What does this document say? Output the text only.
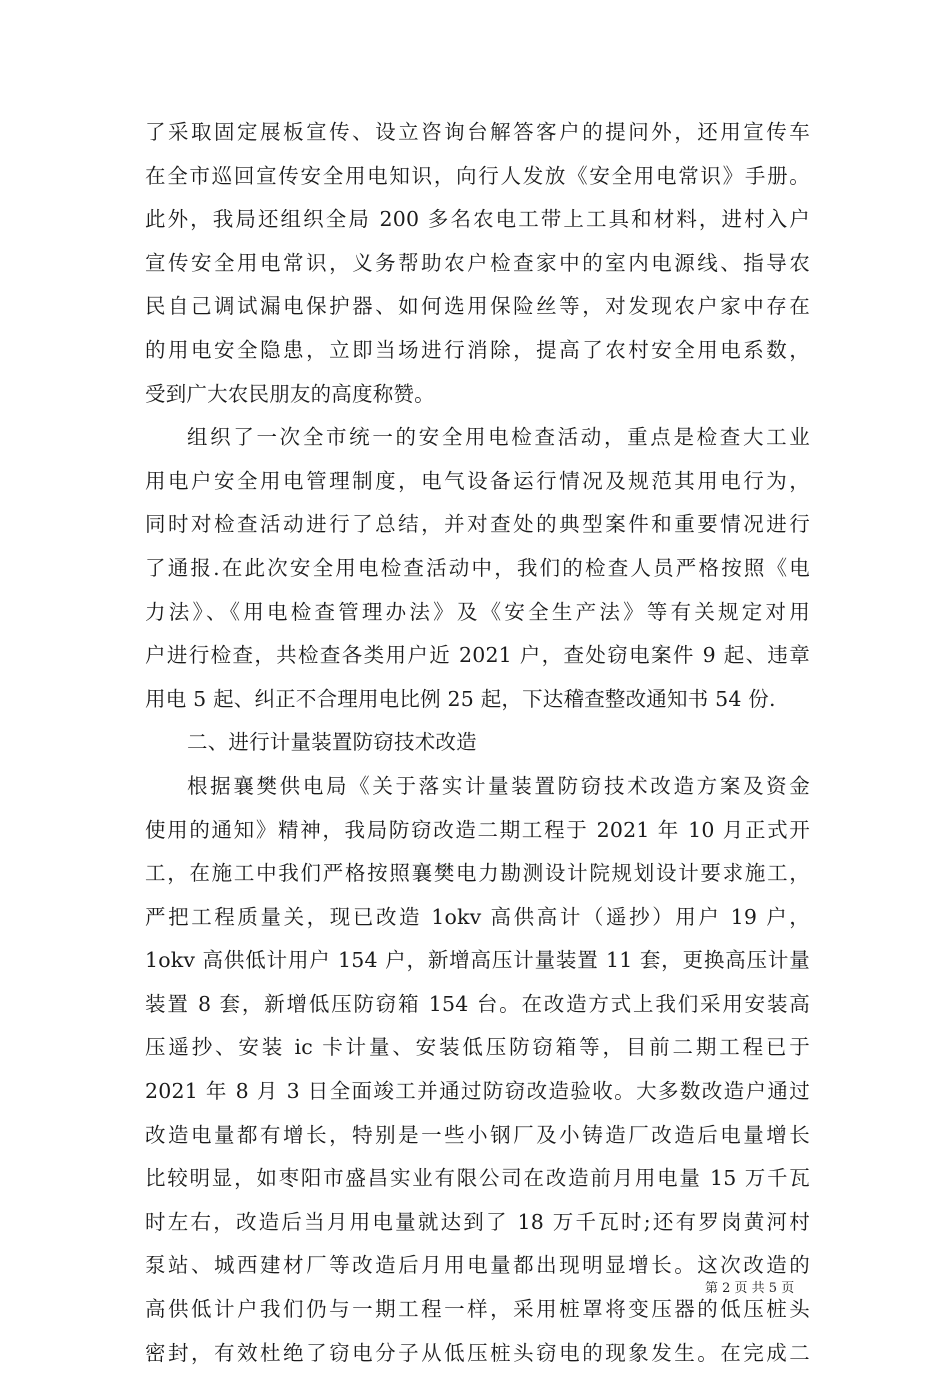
了采取固定展板宣传、设立咨询台解答客户的提问外，还用宣传车
在全市巡回宣传安全用电知识，向行人发放《安全用电常识》手册。
此外，我局还组织全局 200 多名农电工带上工具和材料，进村入户
宣传安全用电常识，义务帮助农户检查家中的室内电源线、指导农
民自己调试漏电保护器、如何选用保险丝等，对发现农户家中存在
的用电安全隐患，立即当场进行消除，提高了农村安全用电系数，
受到广大农民朋友的高度称赞。
组织了一次全市统一的安全用电检查活动，重点是检查大工业
用电户安全用电管理制度，电气设备运行情况及规范其用电行为，
同时对检查活动进行了总结，并对查处的典型案件和重要情况进行
了通报.在此次安全用电检查活动中，我们的检查人员严格按照《电
力法》、《用电检查管理办法》及《安全生产法》等有关规定对用
户进行检查，共检查各类用户近 2021 户，查处窃电案件 9 起、违章
用电 5 起、纠正不合理用电比例 25 起，下达稽查整改通知书 54 份.
二、进行计量装置防窃技术改造
根据襄樊供电局《关于落实计量装置防窃技术改造方案及资金
使用的通知》精神，我局防窃改造二期工程于 2021 年 10 月正式开
工，在施工中我们严格按照襄樊电力勘测设计院规划设计要求施工，
严把工程质量关，现已改造 1okv 高供高计（遥抄）用户 19 户，
1okv 高供低计用户 154 户，新增高压计量装置 11 套，更换高压计量
装置 8 套，新增低压防窃箱 154 台。在改造方式上我们采用安装高
压遥抄、安装 ic 卡计量、安装低压防窃箱等，目前二期工程已于
2021 年 8 月 3 日全面竣工并通过防窃改造验收。大多数改造户通过
改造电量都有增长，特别是一些小钢厂及小铸造厂改造后电量增长
比较明显，如枣阳市盛昌实业有限公司在改造前月用电量 15 万千瓦
时左右，改造后当月用电量就达到了 18 万千瓦时;还有罗岗黄河村
泵站、城西建材厂等改造后月用电量都出现明显增长。这次改造的
高供低计户我们仍与一期工程一样，采用桩罩将变压器的低压桩头
密封，有效杜绝了窃电分子从低压桩头窃电的现象发生。在完成二
第 2 页 共 5 页
